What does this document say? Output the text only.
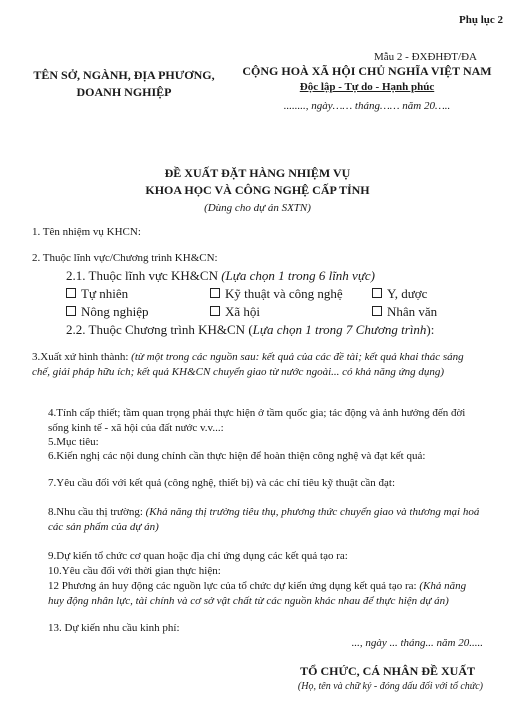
Phụ lục 2
Mẫu 2 - ĐXĐHĐT/ĐA
TÊN SỞ, NGÀNH, ĐỊA PHƯƠNG,
DOANH NGHIỆP
CỘNG HOÀ XÃ HỘI CHỦ NGHĨA VIỆT NAM
Độc lập - Tự do - Hạnh phúc
........, ngày…… tháng…… năm 20…..
ĐỀ XUẤT ĐẶT HÀNG NHIỆM VỤ
KHOA HỌC VÀ CÔNG NGHỆ CẤP TỈNH
(Dùng cho dự án SXTN)
1. Tên nhiệm vụ KHCN:
2. Thuộc lĩnh vực/Chương trình KH&CN:
2.1. Thuộc lĩnh vực KH&CN (Lựa chọn 1 trong 6 lĩnh vực)
Tự nhiên	Kỹ thuật và công nghệ	Y, dược
Nông nghiệp	Xã hội	Nhân văn
2.2. Thuộc Chương trình KH&CN (Lựa chọn 1 trong 7 Chương trình):
3.Xuất xứ hình thành: (từ một trong các nguồn sau: kết quả của các đề tài; kết quả khai thác sáng chế, giải pháp hữu ích; kết quả KH&CN chuyển giao từ nước ngoài... có khả năng ứng dụng)
4.Tính cấp thiết; tầm quan trọng phải thực hiện ở tầm quốc gia; tác động và ảnh hưởng đến đời sống kinh tế - xã hội của đất nước v.v...:
5.Mục tiêu:
6.Kiến nghị các nội dung chính cần thực hiện để hoàn thiện công nghệ và đạt kết quả:
7.Yêu cầu đối với kết quả (công nghệ, thiết bị) và các chỉ tiêu kỹ thuật cần đạt:
8.Nhu cầu thị trường: (Khả năng thị trường tiêu thụ, phương thức chuyển giao và thương mại hoá các sản phẩm của dự án)
9.Dự kiến tổ chức cơ quan hoặc địa chỉ ứng dụng các kết quả tạo ra:
10.Yêu cầu đối với thời gian thực hiện:
12 Phương án huy động các nguồn lực của tổ chức dự kiến ứng dụng kết quả tạo ra: (Khả năng huy động nhân lực, tài chính và cơ sở vật chất từ các nguồn khác nhau để thực hiện dự án)
13. Dự kiến nhu cầu kinh phí:
..., ngày ... tháng... năm 20.....
TỔ CHỨC, CÁ NHÂN ĐỀ XUẤT
(Họ, tên và chữ ký - đóng dấu đối với tổ chức)
